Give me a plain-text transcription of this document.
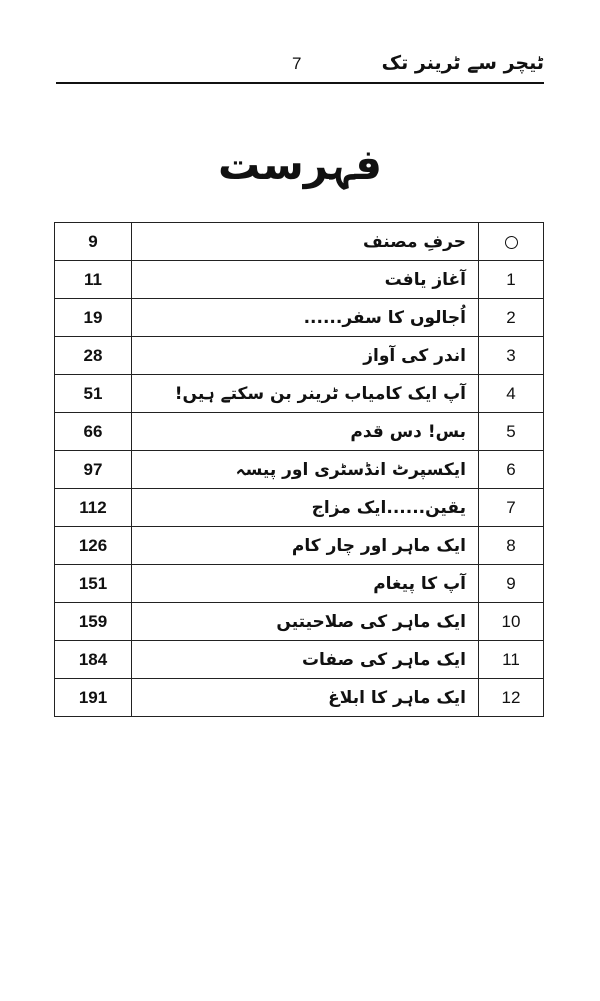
ٹیچر سے ٹرینر تک
7
فہرست
9	حرفِ مصنف	
11	آغاز یافت	1
19	اُجالوں کا سفر......	2
28	اندر کی آواز	3
51	آپ ایک کامیاب ٹرینر بن سکتے ہیں!	4
66	بس! دس قدم	5
97	ایکسپرٹ انڈسٹری اور پیسہ	6
112	یقین......ایک مزاج	7
126	ایک ماہر اور چار کام	8
151	آپ کا پیغام	9
159	ایک ماہر کی صلاحیتیں	10
184	ایک ماہر کی صفات	11
191	ایک ماہر کا ابلاغ	12
